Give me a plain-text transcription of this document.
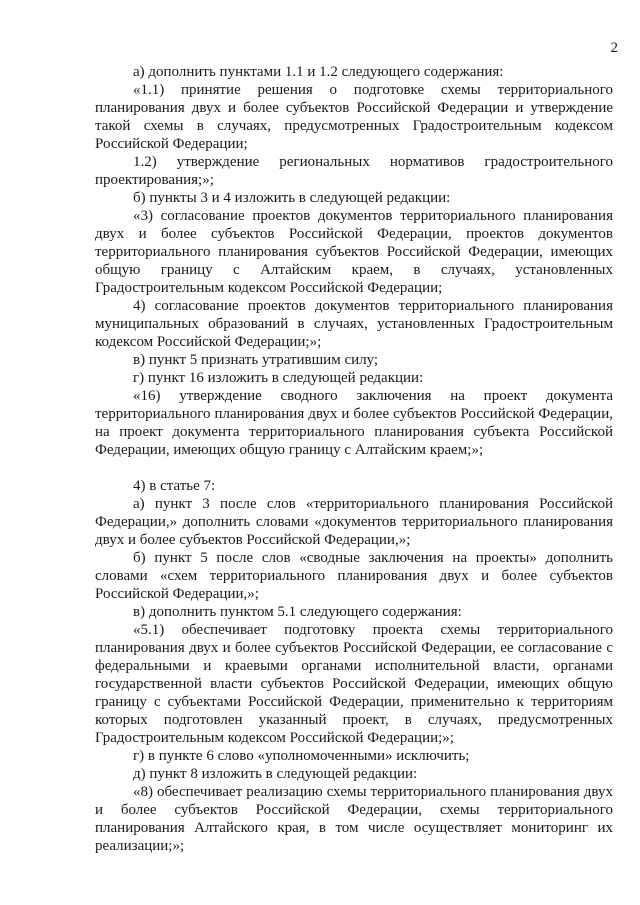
2

а) дополнить пунктами 1.1 и 1.2 следующего содержания:

«1.1) принятие решения о подготовке схемы территориального планирования двух и более субъектов Российской Федерации и утверждение такой схемы в случаях, предусмотренных Градостроительным кодексом Российской Федерации;

1.2) утверждение региональных нормативов градостроительного проектирования;»;

б) пункты 3 и 4 изложить в следующей редакции:

«3) согласование проектов документов территориального планирования двух и более субъектов Российской Федерации, проектов документов территориального планирования субъектов Российской Федерации, имеющих общую границу с Алтайским краем, в случаях, установленных Градостроительным кодексом Российской Федерации;

4) согласование проектов документов территориального планирования муниципальных образований в случаях, установленных Градостроительным кодексом Российской Федерации;»;

в) пункт 5 признать утратившим силу;

г) пункт 16 изложить в следующей редакции:

«16) утверждение сводного заключения на проект документа территориального планирования двух и более субъектов Российской Федерации, на проект документа территориального планирования субъекта Российской Федерации, имеющих общую границу с Алтайским краем;»;

4) в статье 7:

а) пункт 3 после слов «территориального планирования Российской Федерации,» дополнить словами «документов территориального планирования двух и более субъектов Российской Федерации,»;

б) пункт 5 после слов «сводные заключения на проекты» дополнить словами «схем территориального планирования двух и более субъектов Российской Федерации,»;

в) дополнить пунктом 5.1 следующего содержания:

«5.1) обеспечивает подготовку проекта схемы территориального планирования двух и более субъектов Российской Федерации, ее согласование с федеральными и краевыми органами исполнительной власти, органами государственной власти субъектов Российской Федерации, имеющих общую границу с субъектами Российской Федерации, применительно к территориям которых подготовлен указанный проект, в случаях, предусмотренных Градостроительным кодексом Российской Федерации;»;

г) в пункте 6 слово «уполномоченными» исключить;

д) пункт 8 изложить в следующей редакции:

«8) обеспечивает реализацию схемы территориального планирования двух и более субъектов Российской Федерации, схемы территориального планирования Алтайского края, в том числе осуществляет мониторинг их реализации;»;
